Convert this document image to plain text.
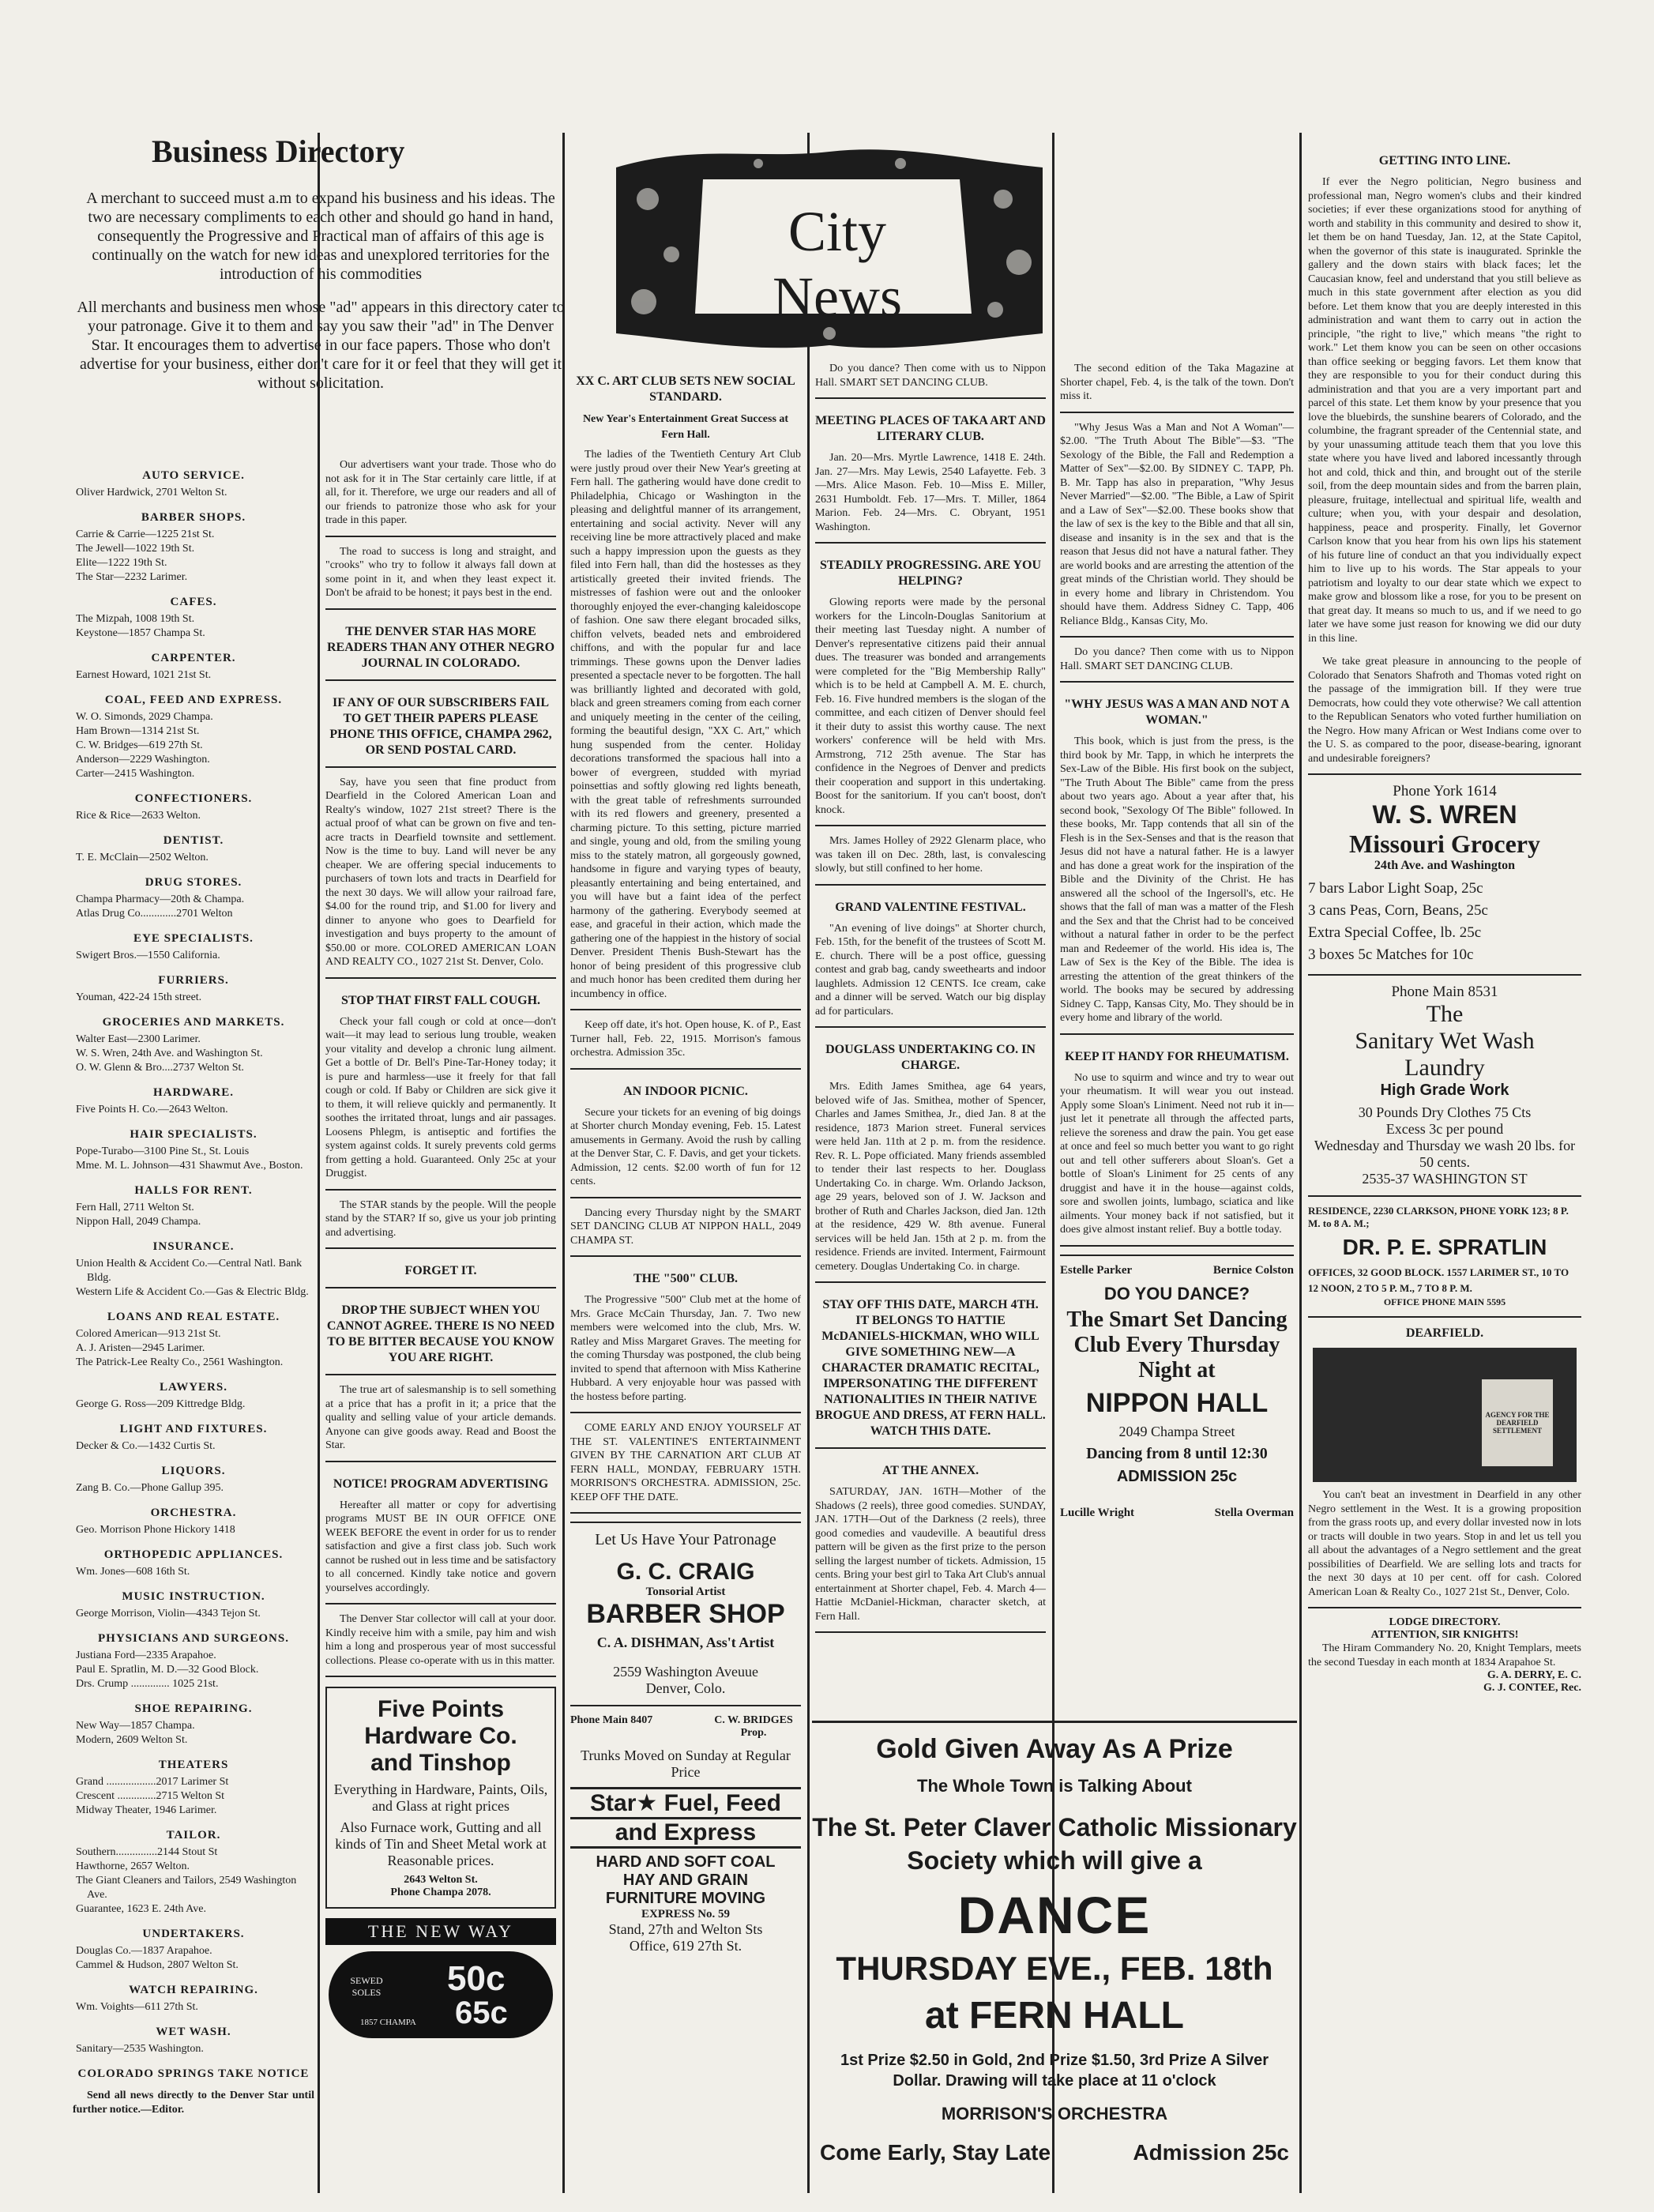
Business Directory

A merchant to succeed must a.m to expand his business and his ideas. The two are necessary compliments to each other and should go hand in hand, consequently the Progressive and Practical man of affairs of this age is continually on the watch for new ideas and unexplored territories for the introduction of his commodities

All merchants and business men whose "ad" appears in this directory cater to your patronage. Give it to them and say you saw their "ad" in The Denver Star. It encourages them to advertise in our face papers. Those who don't advertise for your business, either don't care for it or feel that they will get it without solicitation.

AUTO SERVICE.
Oliver Hardwick, 2701 Welton St.
BARBER SHOPS.
Carrie & Carrie—1225 21st St.
The Jewell—1022 19th St.
Elite—1222 19th St.
The Star—2232 Larimer.
CAFES.
The Mizpah, 1008 19th St.
Keystone—1857 Champa St.
CARPENTER.
Earnest Howard, 1021 21st St.
COAL, FEED AND EXPRESS.
W. O. Simonds, 2029 Champa.
Ham Brown—1314 21st St.
C. W. Bridges—619 27th St.
Anderson—2229 Washington.
Carter—2415 Washington.
CONFECTIONERS.
Rice & Rice—2633 Welton.
DENTIST.
T. E. McClain—2502 Welton.
DRUG STORES.
Champa Pharmacy—20th & Champa.
Atlas Drug Co.............2701 Welton
EYE SPECIALISTS.
Swigert Bros.—1550 California.
FURRIERS.
Youman, 422-24 15th street.
GROCERIES AND MARKETS.
Walter East—2300 Larimer.
W. S. Wren, 24th Ave. and Washington St.
O. W. Glenn & Bro....2737 Welton St.
HARDWARE.
Five Points H. Co.—2643 Welton.
HAIR SPECIALISTS.
Pope-Turabo—3100 Pine St., St. Louis
Mme. M. L. Johnson—431 Shawmut Ave., Boston.
HALLS FOR RENT.
Fern Hall, 2711 Welton St.
Nippon Hall, 2049 Champa.
INSURANCE.
Union Health & Accident Co.—Central Natl. Bank Bldg.
Western Life & Accident Co.—Gas & Electric Bldg.
LOANS AND REAL ESTATE.
Colored American—913 21st St.
A. J. Aristen—2945 Larimer.
The Patrick-Lee Realty Co., 2561 Washington.
LAWYERS.
George G. Ross—209 Kittredge Bldg.
LIGHT AND FIXTURES.
Decker & Co.—1432 Curtis St.
LIQUORS.
Zang B. Co.—Phone Gallup 395.
ORCHESTRA.
Geo. Morrison Phone Hickory 1418
ORTHOPEDIC APPLIANCES.
Wm. Jones—608 16th St.
MUSIC INSTRUCTION.
George Morrison, Violin—4343 Tejon St.
PHYSICIANS AND SURGEONS.
Justiana Ford—2335 Arapahoe.
Paul E. Spratlin, M. D.—32 Good Block.
Drs. Crump .............. 1025 21st.
SHOE REPAIRING.
New Way—1857 Champa.
Modern, 2609 Welton St.
THEATERS
Grand ..................2017 Larimer St
Crescent ..............2715 Welton St
Midway Theater, 1946 Larimer.
TAILOR.
Southern...............2144 Stout St
Hawthorne, 2657 Welton.
The Giant Cleaners and Tailors, 2549 Washington Ave.
Guarantee, 1623 E. 24th Ave.
UNDERTAKERS.
Douglas Co.—1837 Arapahoe.
Cammel & Hudson, 2807 Welton St.
WATCH REPAIRING.
Wm. Voights—611 27th St.
WET WASH.
Sanitary—2535 Washington.
COLORADO SPRINGS TAKE NOTICE

Send all news directly to the Denver Star until further notice.—Editor.

Our advertisers want your trade. Those who do not ask for it in The Star certainly care little, if at all, for it. Therefore, we urge our readers and all of our friends to patronize those who ask for your trade in this paper.

The road to success is long and straight, and "crooks" who try to follow it always fall down at some point in it, and when they least expect it. Don't be afraid to be honest; it pays best in the end.

THE DENVER STAR HAS MORE READERS THAN ANY OTHER NEGRO JOURNAL IN COLORADO.
IF ANY OF OUR SUBSCRIBERS FAIL TO GET THEIR PAPERS PLEASE PHONE THIS OFFICE, CHAMPA 2962, OR SEND POSTAL CARD.

Say, have you seen that fine product from Dearfield in the Colored American Loan and Realty's window, 1027 21st street? There is the actual proof of what can be grown on five and ten-acre tracts in Dearfield townsite and settlement. Now is the time to buy. Land will never be any cheaper. We are offering special inducements to purchasers of town lots and tracts in Dearfield for the next 30 days. We will allow your railroad fare, $4.00 for the round trip, and $1.00 for livery and dinner to anyone who goes to Dearfield for investigation and buys property to the amount of $50.00 or more. COLORED AMERICAN LOAN AND REALTY CO., 1027 21st St. Denver, Colo.

STOP THAT FIRST FALL COUGH.

Check your fall cough or cold at once—don't wait—it may lead to serious lung trouble, weaken your vitality and develop a chronic lung ailment. Get a bottle of Dr. Bell's Pine-Tar-Honey today; it is pure and harmless—use it freely for that fall cough or cold. If Baby or Children are sick give it to them, it will relieve quickly and permanently. It soothes the irritated throat, lungs and air passages. Loosens Phlegm, is antiseptic and fortifies the system against colds. It surely prevents cold germs from getting a hold. Guaranteed. Only 25c at your Druggist.

The STAR stands by the people. Will the people stand by the STAR? If so, give us your job printing and advertising.

FORGET IT.
DROP THE SUBJECT WHEN YOU CANNOT AGREE. THERE IS NO NEED TO BE BITTER BECAUSE YOU KNOW YOU ARE RIGHT.

The true art of salesmanship is to sell something at a price that has a profit in it; a price that the quality and selling value of your article demands. Anyone can give goods away. Read and Boost the Star.

NOTICE! PROGRAM ADVERTISING

Hereafter all matter or copy for advertising programs MUST BE IN OUR OFFICE ONE WEEK BEFORE the event in order for us to render satisfaction and give a first class job. Such work cannot be rushed out in less time and be satisfactory to all concerned. Kindly take notice and govern yourselves accordingly.

The Denver Star collector will call at your door. Kindly receive him with a smile, pay him and wish him a long and prosperous year of most successful collections. Please co-operate with us in this matter.

Five Points
Hardware Co.
and Tinshop
Everything in Hardware, Paints, Oils, and Glass at right prices
Also Furnace work, Gutting and all kinds of Tin and Sheet Metal work at Reasonable prices.
2643 Welton St.
Phone Champa 2078.
THE NEW WAY
SEWED SOLES 50c
65c
1857 CHAMPA
City News
XX C. ART CLUB SETS NEW SOCIAL STANDARD.
New Year's Entertainment Great Success at Fern Hall.

The ladies of the Twentieth Century Art Club were justly proud over their New Year's greeting at Fern hall. The gathering would have done credit to Philadelphia, Chicago or Washington in the pleasing and delightful manner of its arrangement, entertaining and social activity. Never will any receiving line be more attractively placed and make such a happy impression upon the guests as they filed into Fern hall, than did the hostesses as they artistically greeted their invited friends. The mistresses of fashion were out and the onlooker thoroughly enjoyed the ever-changing kaleidoscope of fashion. One saw there elegant brocaded silks, chiffon velvets, beaded nets and embroidered chiffons, and with the popular fur and lace trimmings. These gowns upon the Denver ladies presented a spectacle never to be forgotten. The hall was brilliantly lighted and decorated with gold, black and green streamers coming from each corner and uniquely meeting in the center of the ceiling, forming the beautiful design, "XX C. Art," which hung suspended from the center. Holiday decorations transformed the spacious hall into a bower of evergreen, studded with myriad poinsettias and softly glowing red lights beneath, with the great table of refreshments surrounded with its red flowers and greenery, presented a charming picture. To this setting, picture married and single, young and old, from the smiling young miss to the stately matron, all gorgeously gowned, handsome in figure and varying types of beauty, pleasantly entertaining and being entertained, and you will have but a faint idea of the perfect harmony of the gathering. Everybody seemed at ease, and graceful in their action, which made the gathering one of the happiest in the history of social Denver. President Thenis Bush-Stewart has the honor of being president of this progressive club and much honor has been credited them during her incumbency in office.

Keep off date, it's hot. Open house, K. of P., East Turner hall, Feb. 22, 1915. Morrison's famous orchestra. Admission 35c.

AN INDOOR PICNIC.

Secure your tickets for an evening of big doings at Shorter church Monday evening, Feb. 15. Latest amusements in Germany. Avoid the rush by calling at the Denver Star, C. F. Davis, and get your tickets. Admission, 12 cents. $2.00 worth of fun for 12 cents.

Dancing every Thursday night by the SMART SET DANCING CLUB AT NIPPON HALL, 2049 CHAMPA ST.

THE "500" CLUB.

The Progressive "500" Club met at the home of Mrs. Grace McCain Thursday, Jan. 7. Two new members were welcomed into the club, Mrs. W. Ratley and Miss Margaret Graves. The meeting for the coming Thursday was postponed, the club being invited to spend that afternoon with Miss Katherine Hubbard. A very enjoyable hour was passed with the hostess before parting.

COME EARLY AND ENJOY YOURSELF AT THE ST. VALENTINE'S ENTERTAINMENT GIVEN BY THE CARNATION ART CLUB AT FERN HALL, MONDAY, FEBRUARY 15TH. MORRISON'S ORCHESTRA. ADMISSION, 25c. KEEP OFF THE DATE.

Let Us Have Your Patronage
G. C. CRAIG
Tonsorial Artist
BARBER SHOP
C. A. DISHMAN, Ass't Artist
2559 Washington Aveuue
Denver, Colo.
Phone Main 8407	C. W. BRIDGES Prop.
Trunks Moved on Sunday at Regular Price
Star★ Fuel, Feed
and Express
HARD AND SOFT COAL
HAY AND GRAIN
FURNITURE MOVING
EXPRESS No. 59
Stand, 27th and Welton Sts
Office, 619 27th St.

Do you dance? Then come with us to Nippon Hall. SMART SET DANCING CLUB.

MEETING PLACES OF TAKA ART AND LITERARY CLUB.

Jan. 20—Mrs. Myrtle Lawrence, 1418 E. 24th. Jan. 27—Mrs. May Lewis, 2540 Lafayette. Feb. 3—Mrs. Alice Mason. Feb. 10—Miss E. Miller, 2631 Humboldt. Feb. 17—Mrs. T. Miller, 1864 Marion. Feb. 24—Mrs. C. Obryant, 1951 Washington.

STEADILY PROGRESSING. ARE YOU HELPING?

Glowing reports were made by the personal workers for the Lincoln-Douglas Sanitorium at their meeting last Tuesday night. A number of Denver's representative citizens paid their annual dues. The treasurer was bonded and arrangements were completed for the "Big Membership Rally" which is to be held at Campbell A. M. E. church, Feb. 16. Five hundred members is the slogan of the committee, and each citizen of Denver should feel it their duty to assist this worthy cause. The next workers' conference will be held with Mrs. Armstrong, 712 25th avenue. The Star has confidence in the Negroes of Denver and predicts their cooperation and support in this undertaking. Boost for the sanitorium. If you can't boost, don't knock.

Mrs. James Holley of 2922 Glenarm place, who was taken ill on Dec. 28th, last, is convalescing slowly, but still confined to her home.

GRAND VALENTINE FESTIVAL.

"An evening of live doings" at Shorter church, Feb. 15th, for the benefit of the trustees of Scott M. E. church. There will be a post office, guessing contest and grab bag, candy sweethearts and indoor laughlets. Admission 12 CENTS. Ice cream, cake and a dinner will be served. Watch our big display ad for particulars.

DOUGLASS UNDERTAKING CO. IN CHARGE.

Mrs. Edith James Smithea, age 64 years, beloved wife of Jas. Smithea, mother of Spencer, Charles and James Smithea, Jr., died Jan. 8 at the residence, 1873 Marion street. Funeral services were held Jan. 11th at 2 p. m. from the residence. Rev. R. L. Pope officiated. Many friends assembled to tender their last respects to her. Douglass Undertaking Co. in charge. Wm. Orlando Jackson, age 29 years, beloved son of J. W. Jackson and brother of Ruth and Charles Jackson, died Jan. 12th at the residence, 429 W. 8th avenue. Funeral services will be held Jan. 15th at 2 p. m. from the residence. Friends are invited. Interment, Fairmount cemetery. Douglas Undertaking Co. in charge.

STAY OFF THIS DATE, MARCH 4TH. IT BELONGS TO HATTIE McDANIELS-HICKMAN, WHO WILL GIVE SOMETHING NEW—A CHARACTER DRAMATIC RECITAL, IMPERSONATING THE DIFFERENT NATIONALITIES IN THEIR NATIVE BROGUE AND DRESS, AT FERN HALL. WATCH THIS DATE.
AT THE ANNEX.

SATURDAY, JAN. 16TH—Mother of the Shadows (2 reels), three good comedies. SUNDAY, JAN. 17TH—Out of the Darkness (2 reels), three good comedies and vaudeville. A beautiful dress pattern will be given as the first prize to the person selling the largest number of tickets. Admission, 15 cents. Bring your best girl to Taka Art Club's annual entertainment at Shorter chapel, Feb. 4. March 4—Hattie McDaniel-Hickman, character sketch, at Fern Hall.

The second edition of the Taka Magazine at Shorter chapel, Feb. 4, is the talk of the town. Don't miss it.

"Why Jesus Was a Man and Not A Woman"—$2.00. "The Truth About The Bible"—$3. "The Sexology of the Bible, the Fall and Redemption a Matter of Sex"—$2.00. By SIDNEY C. TAPP, Ph. B. Mr. Tapp has also in preparation, "Why Jesus Never Married"—$2.00. "The Bible, a Law of Spirit and a Law of Sex"—$2.00. These books show that the law of sex is the key to the Bible and that all sin, disease and insanity is in the sex and that is the reason that Jesus did not have a natural father. They are world books and are arresting the attention of the great minds of the Christian world. They should be in every home and library in Christendom. You should have them. Address Sidney C. Tapp, 406 Reliance Bldg., Kansas City, Mo.

Do you dance? Then come with us to Nippon Hall. SMART SET DANCING CLUB.

"WHY JESUS WAS A MAN AND NOT A WOMAN."

This book, which is just from the press, is the third book by Mr. Tapp, in which he interprets the Sex-Law of the Bible. His first book on the subject, "The Truth About The Bible" came from the press about two years ago. About a year after that, his second book, "Sexology Of The Bible" followed. In these books, Mr. Tapp contends that all sin of the Flesh is in the Sex-Senses and that is the reason that Jesus did not have a natural father. He is a lawyer and has done a great work for the inspiration of the Bible and the Divinity of the Christ. He has answered all the school of the Ingersoll's, etc. He shows that the fall of man was a matter of the Flesh and the Sex and that the Christ had to be conceived without a natural father in order to be the perfect man and Redeemer of the world. His idea is, The Law of Sex is the Key of the Bible. The idea is arresting the attention of the great thinkers of the world. The books may be secured by addressing Sidney C. Tapp, Kansas City, Mo. They should be in every home and library of the world.

KEEP IT HANDY FOR RHEUMATISM.

No use to squirm and wince and try to wear out your rheumatism. It will wear you out instead. Apply some Sloan's Liniment. Need not rub it in—just let it penetrate all through the affected parts, relieve the soreness and draw the pain. You get ease at once and feel so much better you want to go right out and tell other sufferers about Sloan's. Get a bottle of Sloan's Liniment for 25 cents of any druggist and have it in the house—against colds, sore and swollen joints, lumbago, sciatica and like ailments. Your money back if not satisfied, but it does give almost instant relief. Buy a bottle today.

Estelle Parker	Bernice Colston
DO YOU DANCE?
The Smart Set Dancing
Club Every Thursday
Night at
NIPPON HALL
2049 Champa Street
Dancing from 8 until 12:30
ADMISSION 25c
Lucille Wright	Stella Overman
Gold Given Away As A Prize
The Whole Town is Talking About
The St. Peter Claver Catholic Missionary Society which will give a
DANCE
THURSDAY EVE., FEB. 18th
at FERN HALL
1st Prize $2.50 in Gold, 2nd Prize $1.50, 3rd Prize A Silver Dollar. Drawing will take place at 11 o'clock
MORRISON'S ORCHESTRA
Come Early, Stay Late	Admission 25c
GETTING INTO LINE.

If ever the Negro politician, Negro business and professional man, Negro women's clubs and their kindred societies; if ever these organizations stood for anything of worth and stability in this community and desired to show it, let them be on hand Tuesday, Jan. 12, at the State Capitol, when the governor of this state is inaugurated. Sprinkle the gallery and the down stairs with black faces; let the Caucasian know, feel and understand that you still believe as much in this state government after election as you did before. Let them know that you are deeply interested in this administration and want them to carry out in action the principle, "the right to live," which means "the right to work." Let them know you can be seen on other occasions than office seeking or begging favors. Let them know that they are responsible to you for their conduct during this administration and that you are a very important part and parcel of this state. Let them know by your presence that you love the bluebirds, the sunshine bearers of Colorado, and the columbine, the fragrant spreader of the Centennial state, and by your unassuming attitude teach them that you love this state where you have lived and labored incessantly through hot and cold, thick and thin, and brought out of the sterile soil, from the deep mountain sides and from the barren plain, pleasure, fruitage, intellectual and spiritual life, wealth and culture; when you, with your despair and desolation, happiness, peace and prosperity. Finally, let Governor Carlson know that you hear from his own lips his statement of his future line of conduct an that you individually expect him to live up to his words. The Star appeals to your patriotism and loyalty to our dear state which we expect to make grow and blossom like a rose, for you to be present on that great day. It means so much to us, and if we need to go later we have some just reason for knowing we did our duty in this line.

We take great pleasure in announcing to the people of Colorado that Senators Shafroth and Thomas voted right on the passage of the immigration bill. If they were true Democrats, how could they vote otherwise? We call attention to the Republican Senators who voted further humiliation on the Negro. How many African or West Indians come over to the U. S. as compared to the poor, disease-bearing, ignorant and undesirable foreigners?

Phone York 1614
W. S. WREN
Missouri Grocery
24th Ave. and Washington
7 bars Labor Light Soap, 25c
3 cans Peas, Corn, Beans, 25c
Extra Special Coffee, lb. 25c
3 boxes 5c Matches for 10c
Phone Main 8531
The
Sanitary Wet Wash
Laundry
High Grade Work
30 Pounds Dry Clothes 75 Cts
Excess 3c per pound
Wednesday and Thursday we wash 20 lbs. for 50 cents.
2535-37 WASHINGTON ST
RESIDENCE, 2230 CLARKSON, PHONE YORK 123; 8 P. M. to 8 A. M.;
DR. P. E. SPRATLIN
OFFICES, 32 GOOD BLOCK. 1557 LARIMER ST., 10 TO 12 NOON, 2 TO 5 P. M., 7 TO 8 P. M.
OFFICE PHONE MAIN 5595
DEARFIELD.
AGENCY FOR THE DEARFIELD SETTLEMENT

You can't beat an investment in Dearfield in any other Negro settlement in the West. It is a growing proposition from the grass roots up, and every dollar invested now in lots or tracts will double in two years. Stop in and let us tell you all about the advantages of a Negro settlement and the great possibilities of Dearfield. We are selling lots and tracts for the next 30 days at 10 per cent. off for cash. Colored American Loan & Realty Co., 1027 21st St., Denver, Colo.

LODGE DIRECTORY.
ATTENTION, SIR KNIGHTS!

The Hiram Commandery No. 20, Knight Templars, meets the second Tuesday in each month at 1834 Arapahoe St.

G. A. DERRY, E. C.
G. J. CONTEE, Rec.
